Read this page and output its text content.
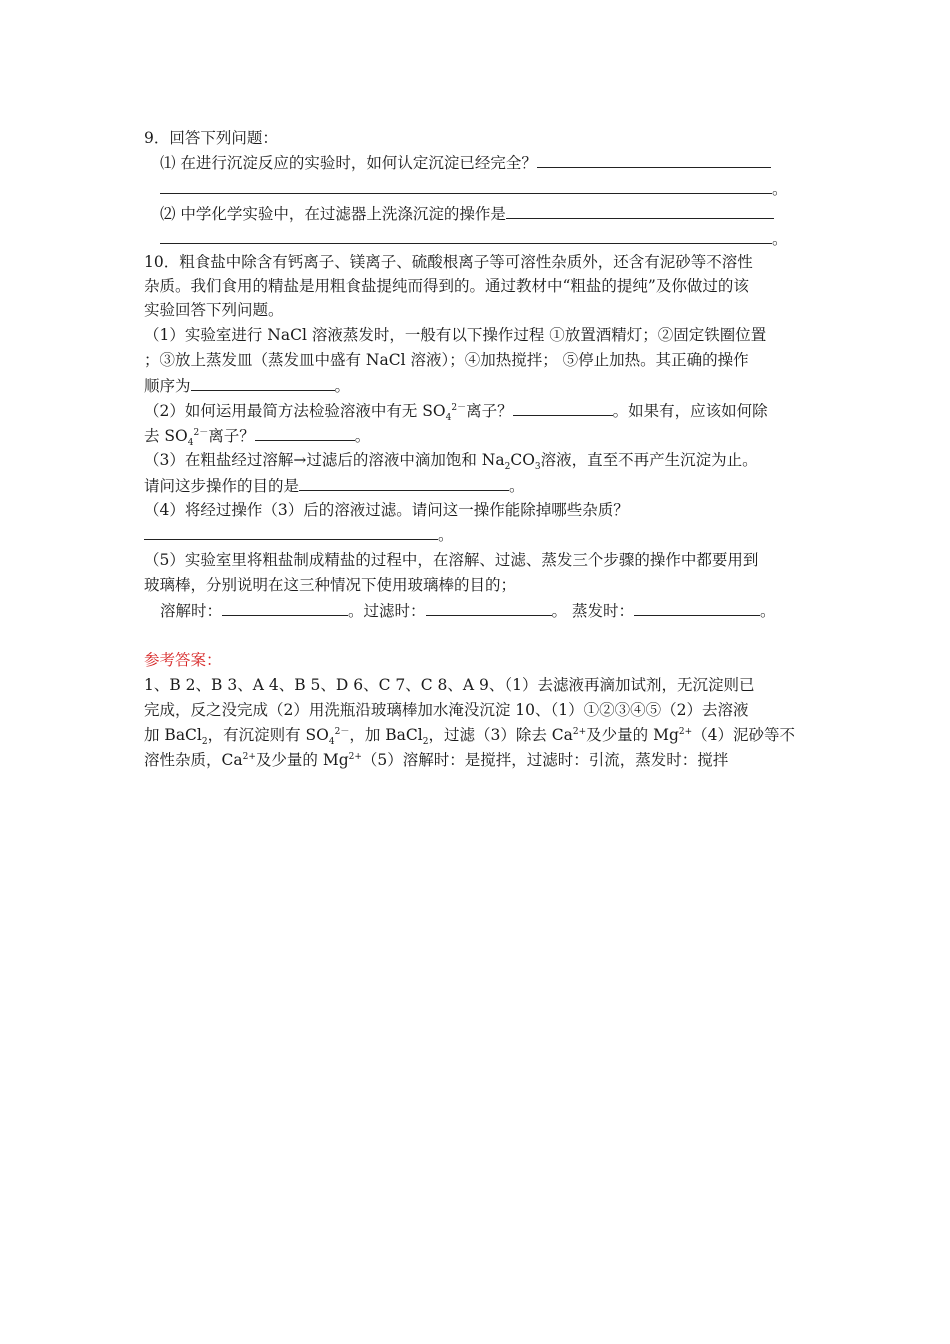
9．回答下列问题：
⑴ 在进行沉淀反应的实验时，如何认定沉淀已经完全？
。
⑵ 中学化学实验中，在过滤器上洗涤沉淀的操作是
。
10．粗食盐中除含有钙离子、镁离子、硫酸根离子等可溶性杂质外，还含有泥砂等不溶性
杂质。我们食用的精盐是用粗食盐提纯而得到的。通过教材中“粗盐的提纯”及你做过的该
实验回答下列问题。
（1）实验室进行 NaCl 溶液蒸发时，一般有以下操作过程 ①放置酒精灯；②固定铁圈位置
；③放上蒸发皿（蒸发皿中盛有 NaCl 溶液）；④加热搅拌； ⑤停止加热。其正确的操作
顺序为	。
（2）如何运用最简方法检验溶液中有无 $SO_4^{2-}$离子？	。如果有，应该如何除
去 $SO_4^{2-}$离子？	。
（3）在粗盐经过溶解→过滤后的溶液中滴加饱和 $Na_2CO_3$溶液，直至不再产生沉淀为止。
请问这步操作的目的是	。
（4）将经过操作（3）后的溶液过滤。请问这一操作能除掉哪些杂质？
。
（5）实验室里将粗盐制成精盐的过程中，在溶解、过滤、蒸发三个步骤的操作中都要用到
玻璃棒，分别说明在这三种情况下使用玻璃棒的目的；
溶解时：	。过滤时：	。 蒸发时：	。
参考答案：
1、B 2、B 3、A 4、B 5、D 6、C 7、C 8、A 9、（1）去滤液再滴加试剂，无沉淀则已
完成，反之没完成（2）用洗瓶沿玻璃棒加水淹没沉淀 10、（1）①②③④⑤（2）去溶液
加 BaCl$_2$，有沉淀则有 $SO_4^{2-}$，加 BaCl$_2$，过滤（3）除去 $Ca^{2+}$及少量的 $Mg^{2+}(4)$泥砂等不
溶性杂质，$Ca^{2+}$及少量的 $Mg^{2+}(5)$溶解时：是搅拌，过滤时：引流，蒸发时：搅拌
